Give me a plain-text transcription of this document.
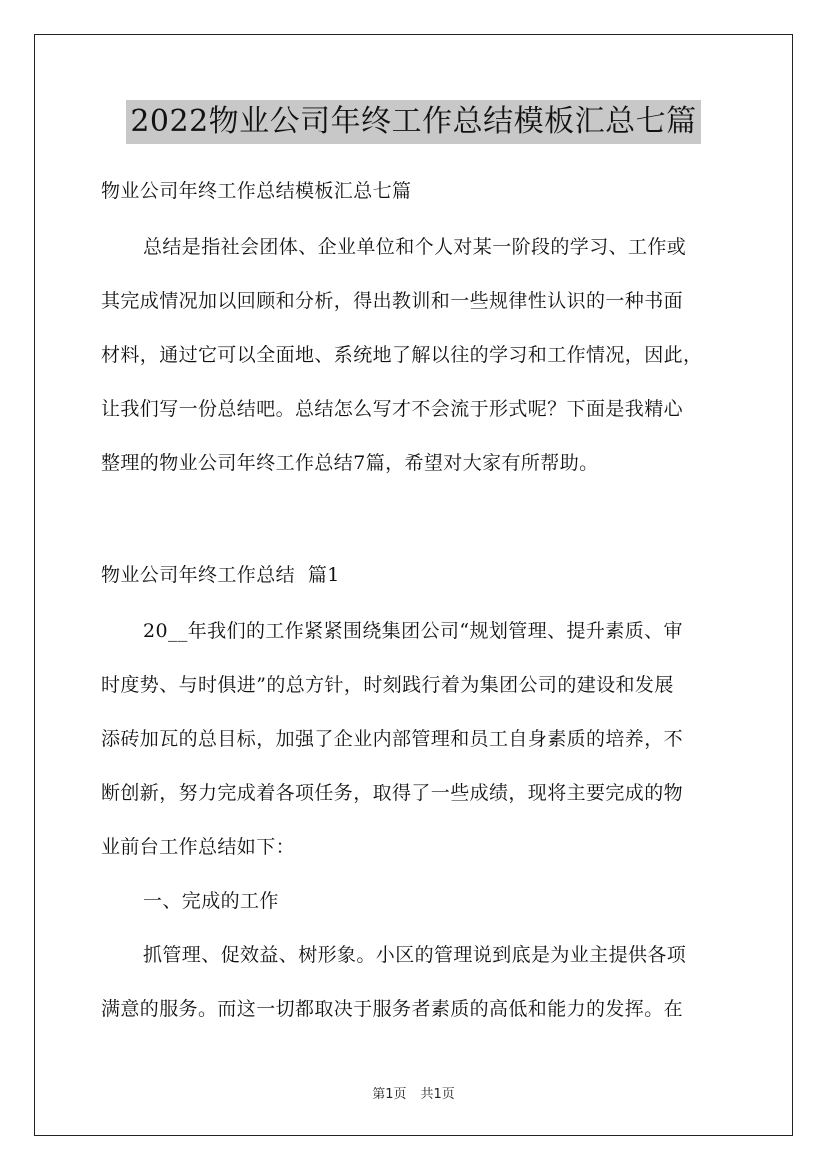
2022物业公司年终工作总结模板汇总七篇
物业公司年终工作总结模板汇总七篇
总结是指社会团体、企业单位和个人对某一阶段的学习、工作或
其完成情况加以回顾和分析，得出教训和一些规律性认识的一种书面
材料，通过它可以全面地、系统地了解以往的学习和工作情况，因此，
让我们写一份总结吧。总结怎么写才不会流于形式呢？下面是我精心
整理的物业公司年终工作总结7篇，希望对大家有所帮助。
物业公司年终工作总结  篇1
20__年我们的工作紧紧围绕集团公司“规划管理、提升素质、审
时度势、与时俱进”的总方针，时刻践行着为集团公司的建设和发展
添砖加瓦的总目标，加强了企业内部管理和员工自身素质的培养，不
断创新，努力完成着各项任务，取得了一些成绩，现将主要完成的物
业前台工作总结如下：
一、完成的工作
抓管理、促效益、树形象。小区的管理说到底是为业主提供各项
满意的服务。而这一切都取决于服务者素质的高低和能力的发挥。在
第1页 共1页
